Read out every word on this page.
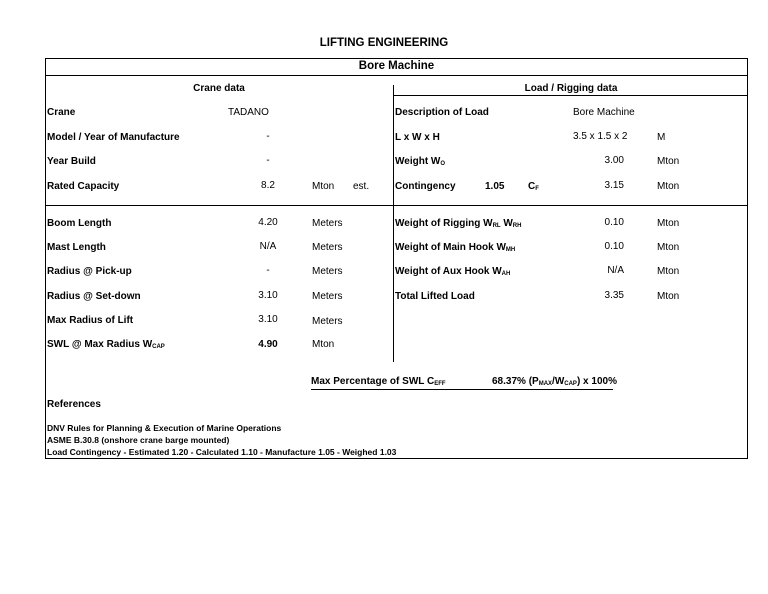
LIFTING ENGINEERING
Bore Machine
Crane data	Load / Rigging data
Crane	TADANO
Model / Year of Manufacture	-
Year Build	-
Rated Capacity	8.2	Mton est.
Boom Length	4.20	Meters
Mast Length	N/A	Meters
Radius @ Pick-up	-	Meters
Radius @ Set-down	3.10	Meters
Max Radius of Lift	3.10	Meters
SWL @ Max Radius $W_{CAP}$	4.90	Mton
Description of Load	Bore Machine
L x W x H	3.5 x 1.5 x 2	M
Weight $W_O$	3.00	Mton
Contingency	1.05 $C_F$	3.15	Mton
Weight of Rigging $W_{RL}$ $W_{RH}$	0.10	Mton
Weight of Main Hook $W_{MH}$	0.10	Mton
Weight of Aux Hook $W_{AH}$	N/A	Mton
Total Lifted Load	3.35	Mton
Max Percentage of SWL $C_{EFF}$	68.37% $(P_{MAX}/W_{CAP})$ x 100%
References
DNV Rules for Planning & Execution of Marine Operations
ASME B.30.8 (onshore crane barge mounted)
Load Contingency - Estimated 1.20 - Calculated 1.10 - Manufacture 1.05 - Weighed 1.03
